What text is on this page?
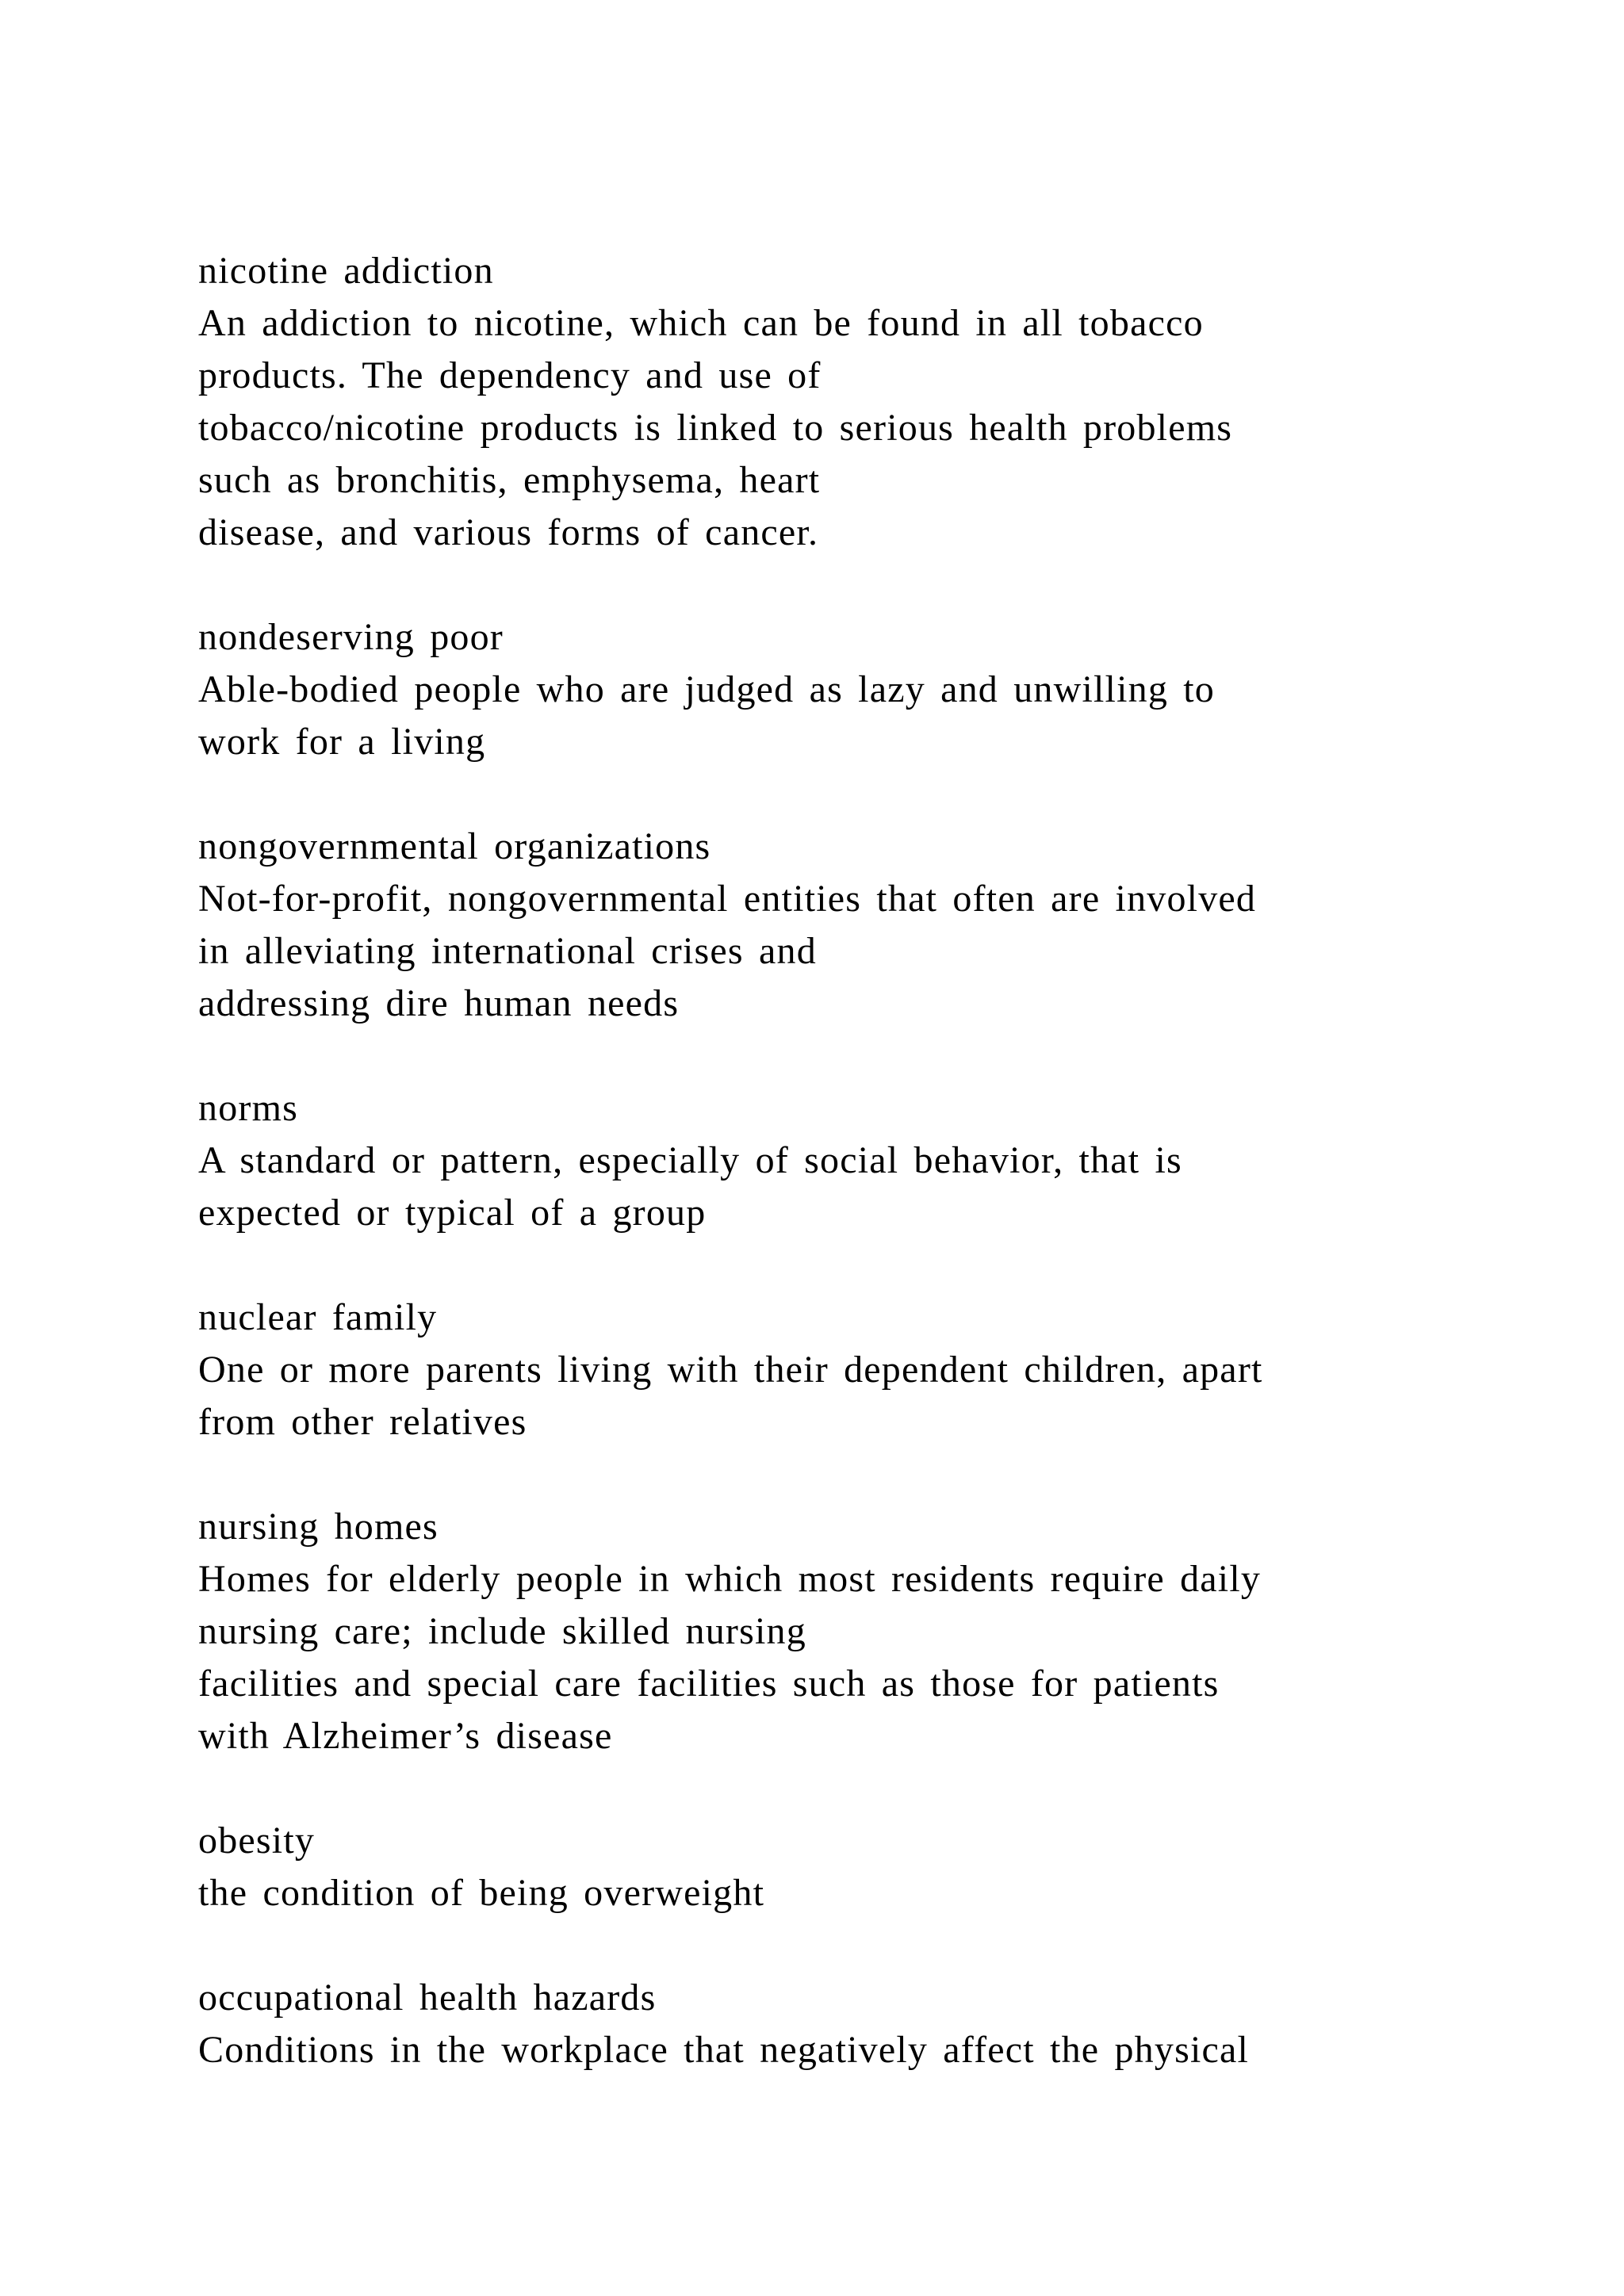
nicotine addiction
An addiction to nicotine, which can be found in all tobacco
products. The dependency and use of
tobacco/nicotine products is linked to serious health problems
such as bronchitis, emphysema, heart
disease, and various forms of cancer.
nondeserving poor
Able-bodied people who are judged as lazy and unwilling to
work for a living
nongovernmental organizations
Not-for-profit, nongovernmental entities that often are involved
in alleviating international crises and
addressing dire human needs
norms
A standard or pattern, especially of social behavior, that is
expected or typical of a group
nuclear family
One or more parents living with their dependent children, apart
from other relatives
nursing homes
Homes for elderly people in which most residents require daily
nursing care; include skilled nursing
facilities and special care facilities such as those for patients
with Alzheimer’s disease
obesity
the condition of being overweight
occupational health hazards
Conditions in the workplace that negatively affect the physical
